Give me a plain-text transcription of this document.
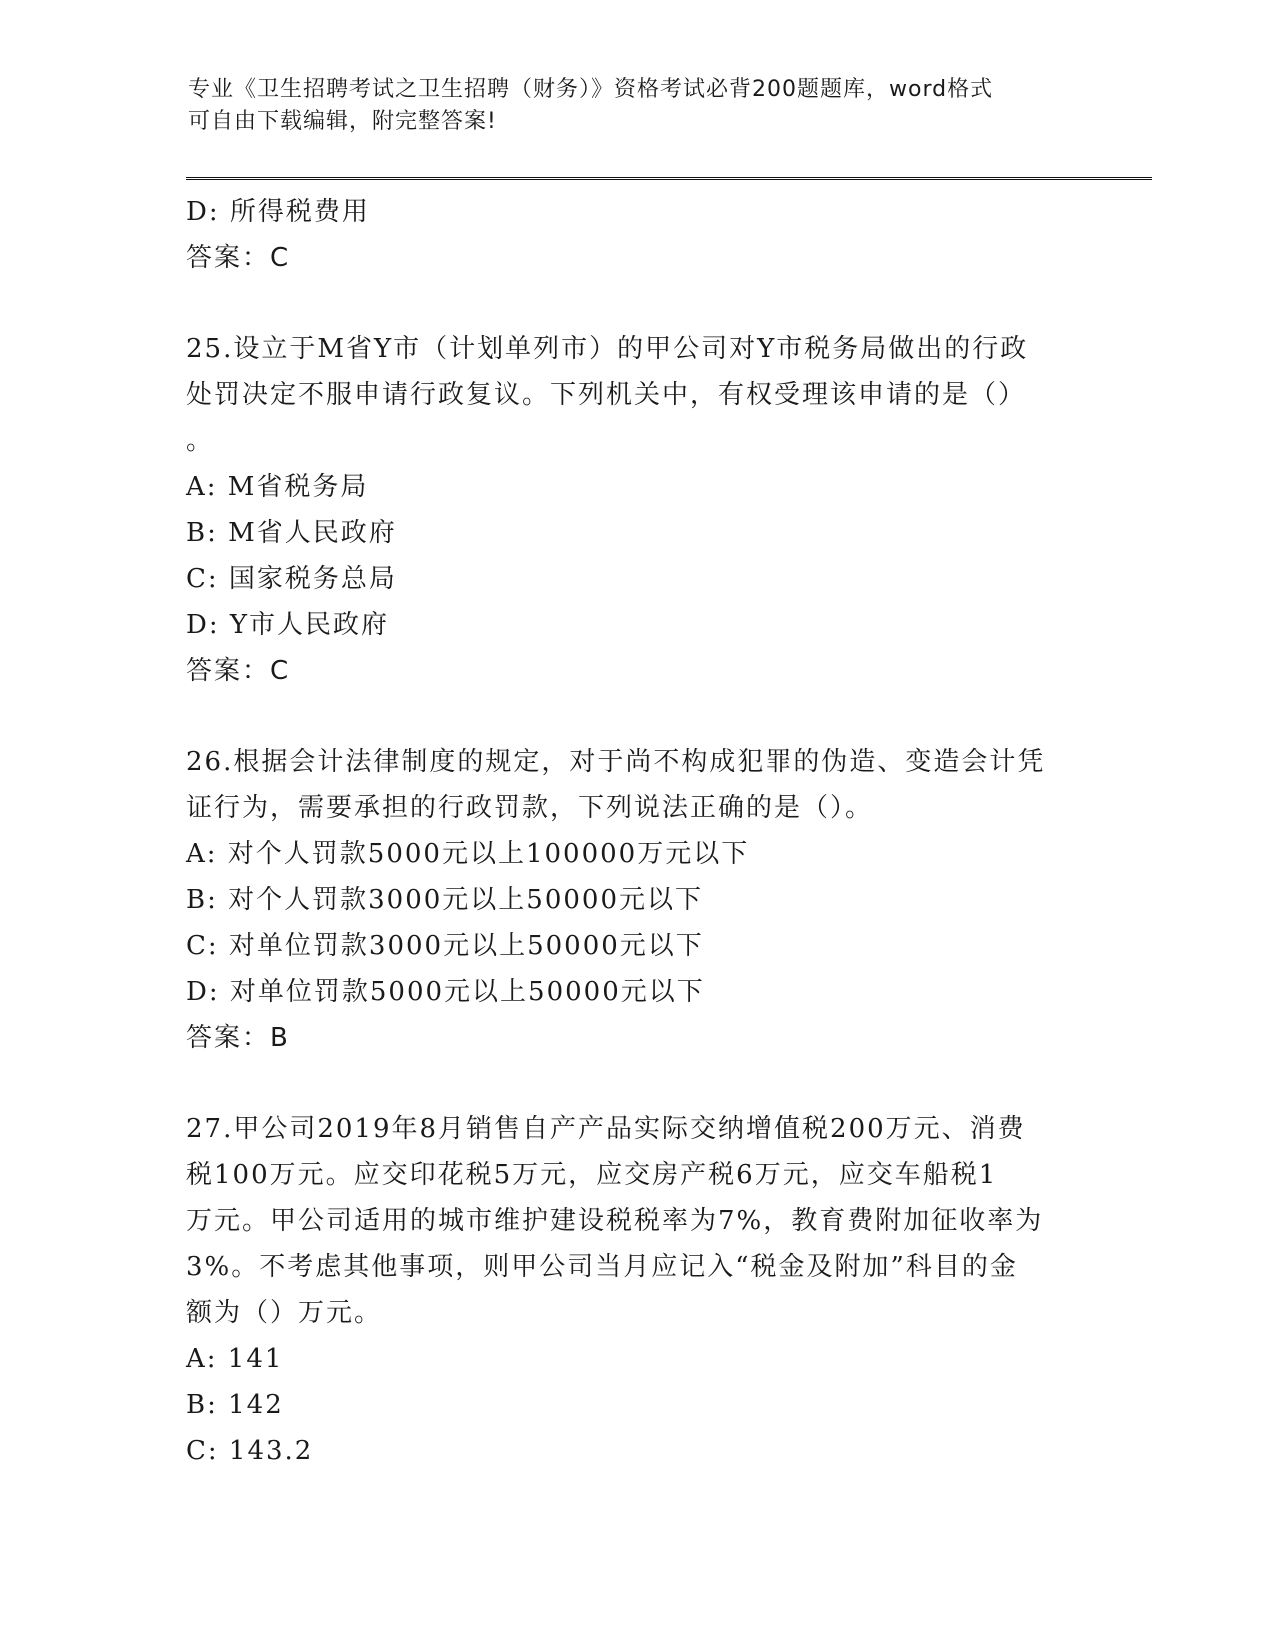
专业《卫生招聘考试之卫生招聘（财务）》资格考试必背200题题库，word格式
可自由下载编辑，附完整答案!
D: 所得税费用
答案：C
25.设立于M省Y市（计划单列市）的甲公司对Y市税务局做出的行政
处罚决定不服申请行政复议。下列机关中，有权受理该申请的是（）
。
A: M省税务局
B: M省人民政府
C: 国家税务总局
D: Y市人民政府
答案：C
26.根据会计法律制度的规定，对于尚不构成犯罪的伪造、变造会计凭
证行为，需要承担的行政罚款，下列说法正确的是（）。
A: 对个人罚款5000元以上100000万元以下
B: 对个人罚款3000元以上50000元以下
C: 对单位罚款3000元以上50000元以下
D: 对单位罚款5000元以上50000元以下
答案：B
27.甲公司2019年8月销售自产产品实际交纳增值税200万元、消费
税100万元。应交印花税5万元，应交房产税6万元，应交车船税1
万元。甲公司适用的城市维护建设税税率为7%，教育费附加征收率为
3%。不考虑其他事项，则甲公司当月应记入“税金及附加”科目的金
额为（）万元。
A: 141
B: 142
C: 143.2
